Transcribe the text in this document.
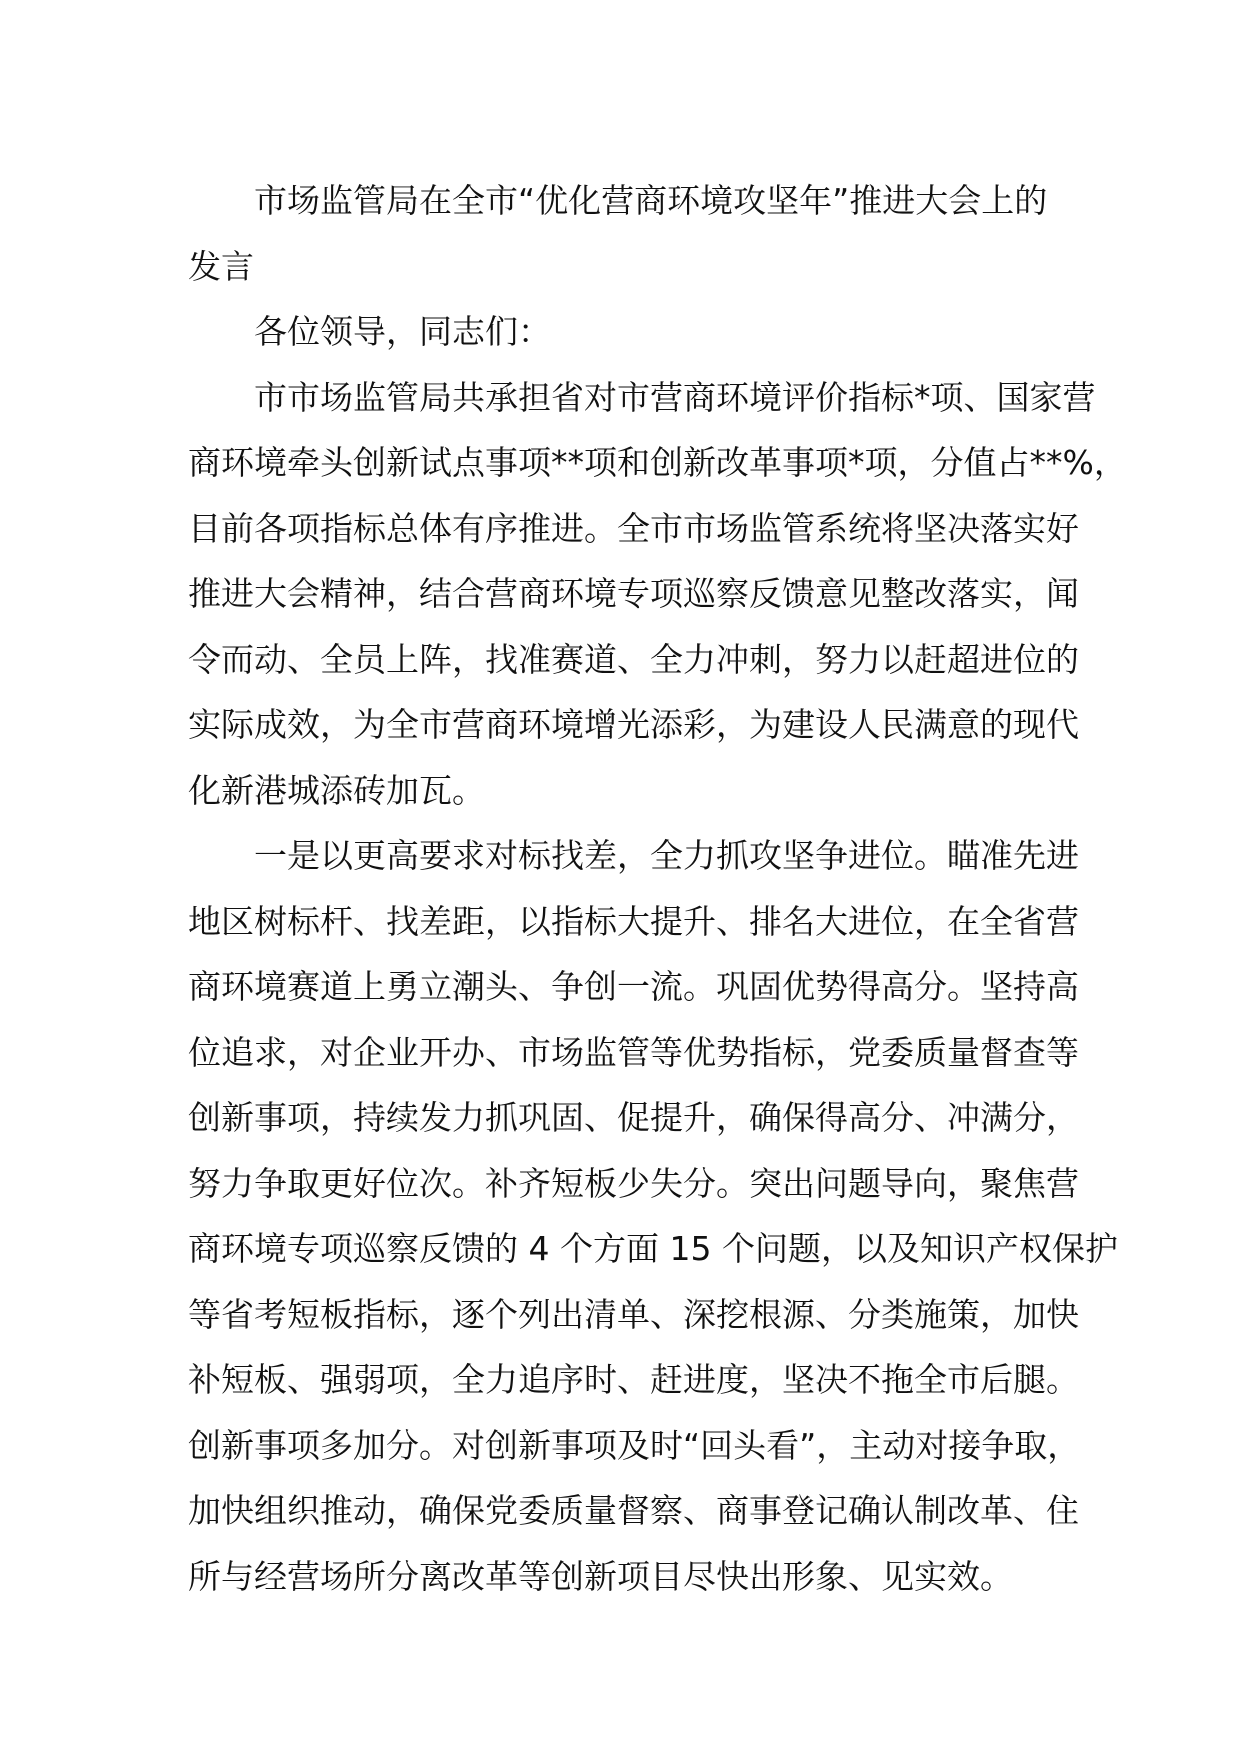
市场监管局在全市“优化营商环境攻坚年”推进大会上的
发言
各位领导，同志们：
市市场监管局共承担省对市营商环境评价指标*项、国家营
商环境牵头创新试点事项**项和创新改革事项*项，分值占**%，
目前各项指标总体有序推进。全市市场监管系统将坚决落实好
推进大会精神，结合营商环境专项巡察反馈意见整改落实，闻
令而动、全员上阵，找准赛道、全力冲刺，努力以赶超进位的
实际成效，为全市营商环境增光添彩，为建设人民满意的现代
化新港城添砖加瓦。
一是以更高要求对标找差，全力抓攻坚争进位。瞄准先进
地区树标杆、找差距，以指标大提升、排名大进位，在全省营
商环境赛道上勇立潮头、争创一流。巩固优势得高分。坚持高
位追求，对企业开办、市场监管等优势指标，党委质量督查等
创新事项，持续发力抓巩固、促提升，确保得高分、冲满分，
努力争取更好位次。补齐短板少失分。突出问题导向，聚焦营
商环境专项巡察反馈的 4 个方面 15 个问题，以及知识产权保护
等省考短板指标，逐个列出清单、深挖根源、分类施策，加快
补短板、强弱项，全力追序时、赶进度，坚决不拖全市后腿。
创新事项多加分。对创新事项及时“回头看”，主动对接争取，
加快组织推动，确保党委质量督察、商事登记确认制改革、住
所与经营场所分离改革等创新项目尽快出形象、见实效。
